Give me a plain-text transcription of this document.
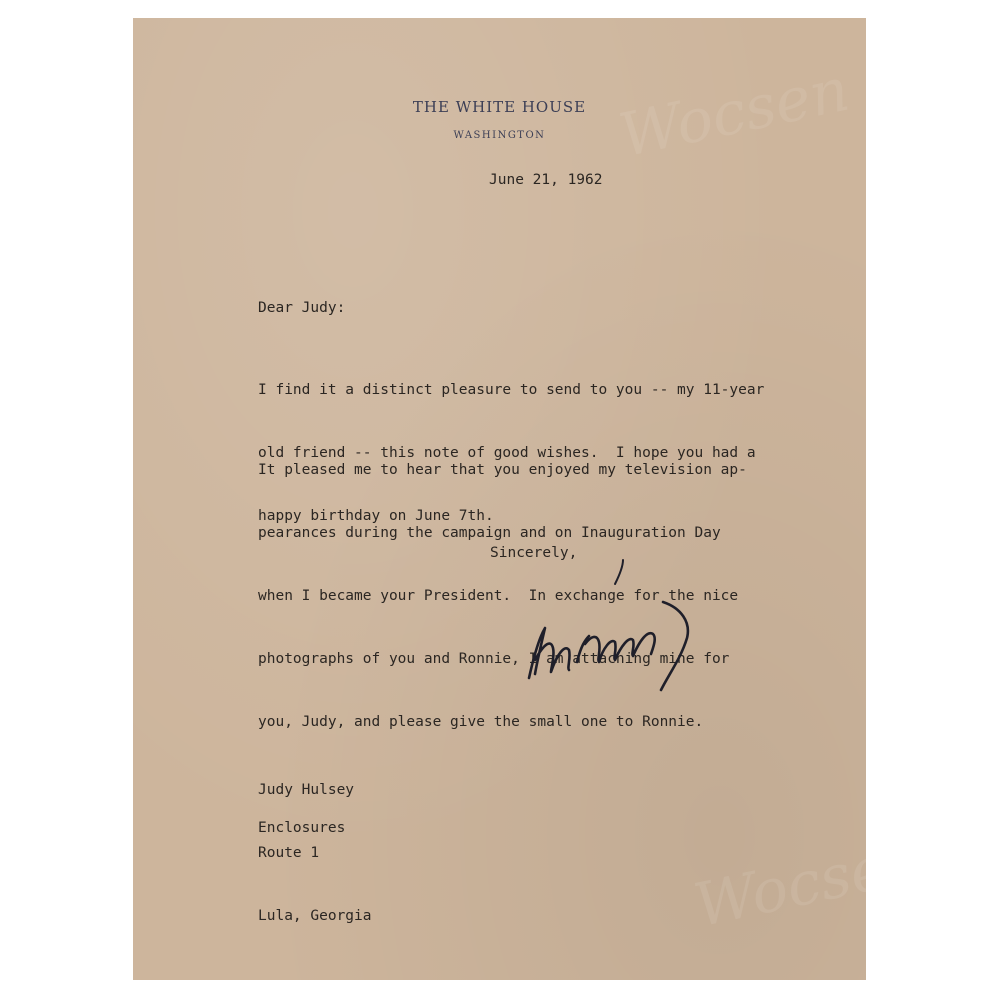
Wocsen
Wocsen
THE WHITE HOUSE
WASHINGTON
June 21, 1962
Dear Judy:

I find it a distinct pleasure to send to you -- my 11-year

old friend -- this note of good wishes.  I hope you had a

happy birthday on June 7th.

It pleased me to hear that you enjoyed my television ap-

pearances during the campaign and on Inauguration Day

when I became your President.  In exchange for the nice

photographs of you and Ronnie, I am attaching mine for

you, Judy, and please give the small one to Ronnie.

Sincerely,

Judy Hulsey

Route 1

Lula, Georgia

Enclosures
